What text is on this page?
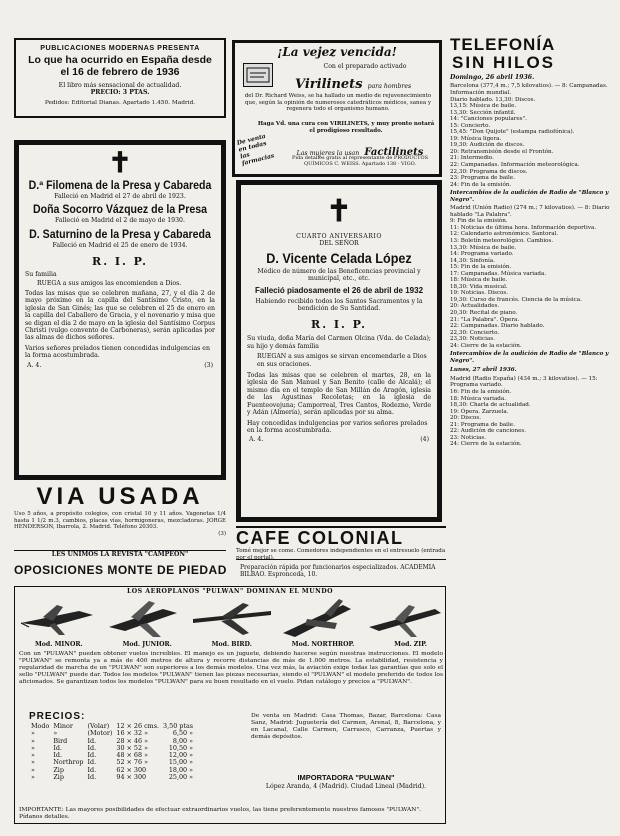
PUBLICACIONES MODERNAS PRESENTA
Lo que ha ocurrido en España desde
el 16 de febrero de 1936
El libro más sensacional de actualidad.
PRECIO: 3 PTAS.
Pedidos: Editorial Dianas. Apartado 1.450. Madrid.
¡La vejez vencida!
Con el preparado activado
Virilinets para hombres
del Dr. Richard Weiss, se ha hallado un medio de rejuvenecimiento que, según la opinión de numerosos catedráticos médicos, sanea y regenera todo el organismo humano.
Haga Vd. una cura con VIRILINETS, y muy pronto notará el prodigioso resultado.
De venta en todas las farmacias	Las mujeres la usan Factilinets
Pida detalles gratis al representante de PRODUCTOS QUÍMICOS C. WEISS. Apartado 138 · VIGO.
TELEFONÍA
SIN HILOS
Domingo, 26 abril 1936.

Barcelona (377,4 m.; 7,5 kilovatios). — 8: Campanadas. Información mundial.

Diario hablado. 13,30: Discos.

13,15: Música de baile.

13,30: Sección infantil.

14: "Canciones populares".

15: Concierto.

15,45: "Don Quijote" (estampa radiofónica).

19: Música ligera.

19,30: Audición de discos.

20: Retransmisión desde el Frontón.

21: Intermedio.

22: Campanadas. Información meteorológica.

22,30: Programa de discos.

23: Programa de baile.

24: Fin de la emisión.

Intercambios de la audición de Radio de "Blanco y Negro".

Madrid (Unión Radio) (274 m.; 7 kilovatios). — 8: Diario hablado "La Palabra".

9: Fin de la emisión.

11: Noticias de última hora. Información deportiva.

12: Calendario astronómico. Santoral.

13: Boletín meteorológico. Cambios.

13,30: Música de baile.

14: Programa variado.

14,30: Sinfonía.

15: Fin de la emisión.

17: Campanadas. Música variada.

18: Música de baile.

18,30: Vida musical.

19: Noticias. Discos.

19,30: Curso de francés. Ciencia de la música.

20: Actualidades.

20,30: Recital de piano.

21: "La Palabra". Ópera.

22: Campanadas. Diario hablado.

22,30: Concierto.

23,30: Noticias.

24: Cierre de la estación.

Intercambios de la audición de Radio de "Blanco y Negro".

Lunes, 27 abril 1936.

Madrid (Radio España) (434 m.; 3 kilovatios). — 15: Programa variado.

16: Fin de la emisión.

18: Música variada.

18,30: Charla de actualidad.

19: Ópera. Zarzuela.

20: Discos.

21: Programa de baile.

22: Audición de canciones.

23: Noticias.

24: Cierre de la estación.

✝
D.ª Filomena de la Presa y Cabareda
Falleció en Madrid el 27 de abril de 1923.
Doña Socorro Vázquez de la Presa
Falleció en Madrid el 2 de mayo de 1930.
D. Saturnino de la Presa y Cabareda
Falleció en Madrid el 25 de enero de 1934.
R. I. P.
Su familia
RUEGA a sus amigos las encomienden a Dios.
Todas las misas que se celebren mañana, 27, y el día 2 de mayo próximo en la capilla del Santísimo Cristo, en la iglesia de San Ginés; las que se celebren el 25 de enero en la capilla del Caballero de Gracia, y el novenario y misa que se digan el día 2 de mayo en la iglesia del Santísimo Corpus Christi (vulgo convento de Carboneras), serán aplicadas por las almas de dichos señores.
Varios señores prelados tienen concedidas indulgencias en la forma acostumbrada.
A. 4.	(3)
✝
CUARTO ANIVERSARIO
DEL SEÑOR
D. Vicente Celada López
Médico de número de las Beneficencias provincial y municipal, etc., etc.
Falleció piadosamente el 26 de abril de 1932
Habiendo recibido todos los Santos Sacramentos y la bendición de Su Santidad.
R. I. P.
Su viuda, doña María del Carmen Olcina (Vda. de Celada); su hijo y demás familia
RUEGAN a sus amigos se sirvan encomendarle a Dios en sus oraciones.
Todas las misas que se celebren el martes, 28, en la iglesia de San Manuel y San Benito (calle de Alcalá); el mismo día en el templo de San Millán de Aragón, iglesia de las Agustinas Recoletas; en la iglesia de Fuenteovejuna; Camporreal, Tres Cantos, Rodezno, Verde y Adán (Almería), serán aplicadas por su alma.
Hay concedidas indulgencias por varios señores prelados en la forma acostumbrada.
A. 4.	(4)
VIA USADA
Uso 5 años, a propósito colegios, con cristal 10 y 11 años. Vagonetas 1/4 hasta 1 1/2 m.3, cambios, placas vías, hormigoneras, mezcladoras. JORGE HENDERSON, Ibarrola, 2. Madrid. Teléfono 20303.
(3)
LES UNIMOS LA REVISTA "CAMPEON"
CAFE COLONIAL
Tomé mejor se come. Comedores independientes en el entresuelo (entrada por el portal).
OPOSICIONES MONTE DE PIEDAD	Preparación rápida por funcionarios especializados. ACADEMIA BILBAO. Espronceda, 10.
LOS AEROPLANOS "PULWAN" DOMINAN EL MUNDO
Mod. MINOR.	Mod. JUNIOR.	Mod. BIRD.	Mod. NORTHROP.	Mod. ZIP.
Con un "PULWAN" pueden obtener vuelos increíbles. El manejo es un juguete, debiendo hacerse según nuestras instrucciones. El modelo "PULWAN" se remonta ya a más de 400 metros de altura y recorre distancias de más de 1.000 metros. La estabilidad, resistencia y regularidad de marcha de un "PULWAN" son superiores a los demás modelos. Una vez más, la aviación exige todas las garantías que solo el sello "PULWAN" puede dar. Todos los modelos "PULWAN" tienen las piezas necesarias, siendo el "PULWAN" el modelo preferido de todos los aficionados. Se garantizan todos los modelos "PULWAN" para su buen resultado en el vuelo. Pidan catálogo y precios a "PULWAN".
PRECIOS:
Modo	Minor	(Volar)	12 × 26 cms.	3,50 ptas
»	»	(Motor)	16 × 32 »	6,50 »
»	Bird	Id.	28 × 46 »	8,00 »
»	Id.	Id.	30 × 52 »	10,50 »
»	Id.	Id.	48 × 68 »	12,00 »
»	Northrop	Id.	52 × 76 »	15,00 »
»	Zip	Id.	62 × 300	18,00 »
»	Zip	Id.	94 × 300	25,00 »
De venta en Madrid: Casa Thomas, Bazar, Barcelona: Casa Sanz, Madrid: Juguetería del Carmen, Arenal, 8, Barcelona, y en Lacanal, Calle Carmen, Carrasco, Carranza, Puertas y demás depósitos.
IMPORTADORA "PULWAN"
López Aranda, 4 (Madrid). Ciudad Lineal (Madrid).
IMPORTANTE: Las mayores posibilidades de efectuar extraordinarios vuelos, las tiene preferentemente nuestros famosos "PULWAN". Pídanos detalles.
